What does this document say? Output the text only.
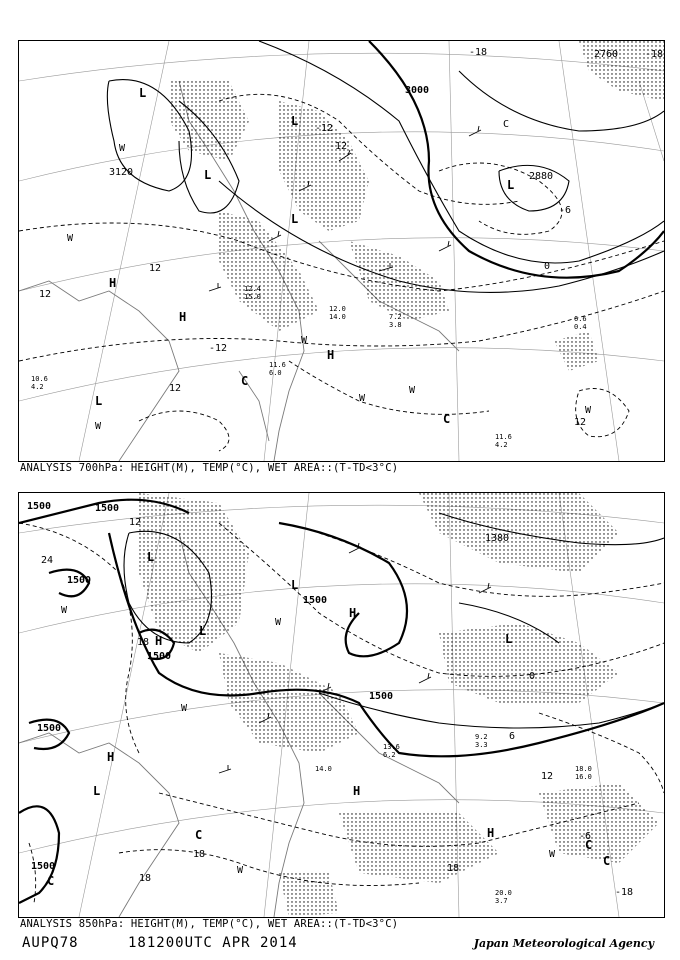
3000
3120	2880
2760
12
-12
-6
0
12
12
12
-12
-12
-18	-18
L
L
L
L
L
H
H
H
L
C
C
W
W
W
W
W
W
W
C
11.6
4.2
6.6
0.4
7.2
3.8
12.4
15.0
12.0
14.0
11.6
6.0
10.6
4.2
ANALYSIS 700hPa: HEIGHT(M), TEMP(°C), WET AREA::(T-TD<3°C)
1500	1500
1500
1500
1500
1500
1500
1500
1380
12
24
18
18
18
0
6
12
-6
-18
18
L
L
L
L
L
H
H
H
H
H
C
C
C
C
W
W
W
W
W
20.0
3.7
18.0
16.0
14.0
9.2
3.3
13.6
6.2
ANALYSIS 850hPa: HEIGHT(M), TEMP(°C), WET AREA::(T-TD<3°C)
AUPQ78	181200UTC APR 2014	Japan Meteorological Agency
